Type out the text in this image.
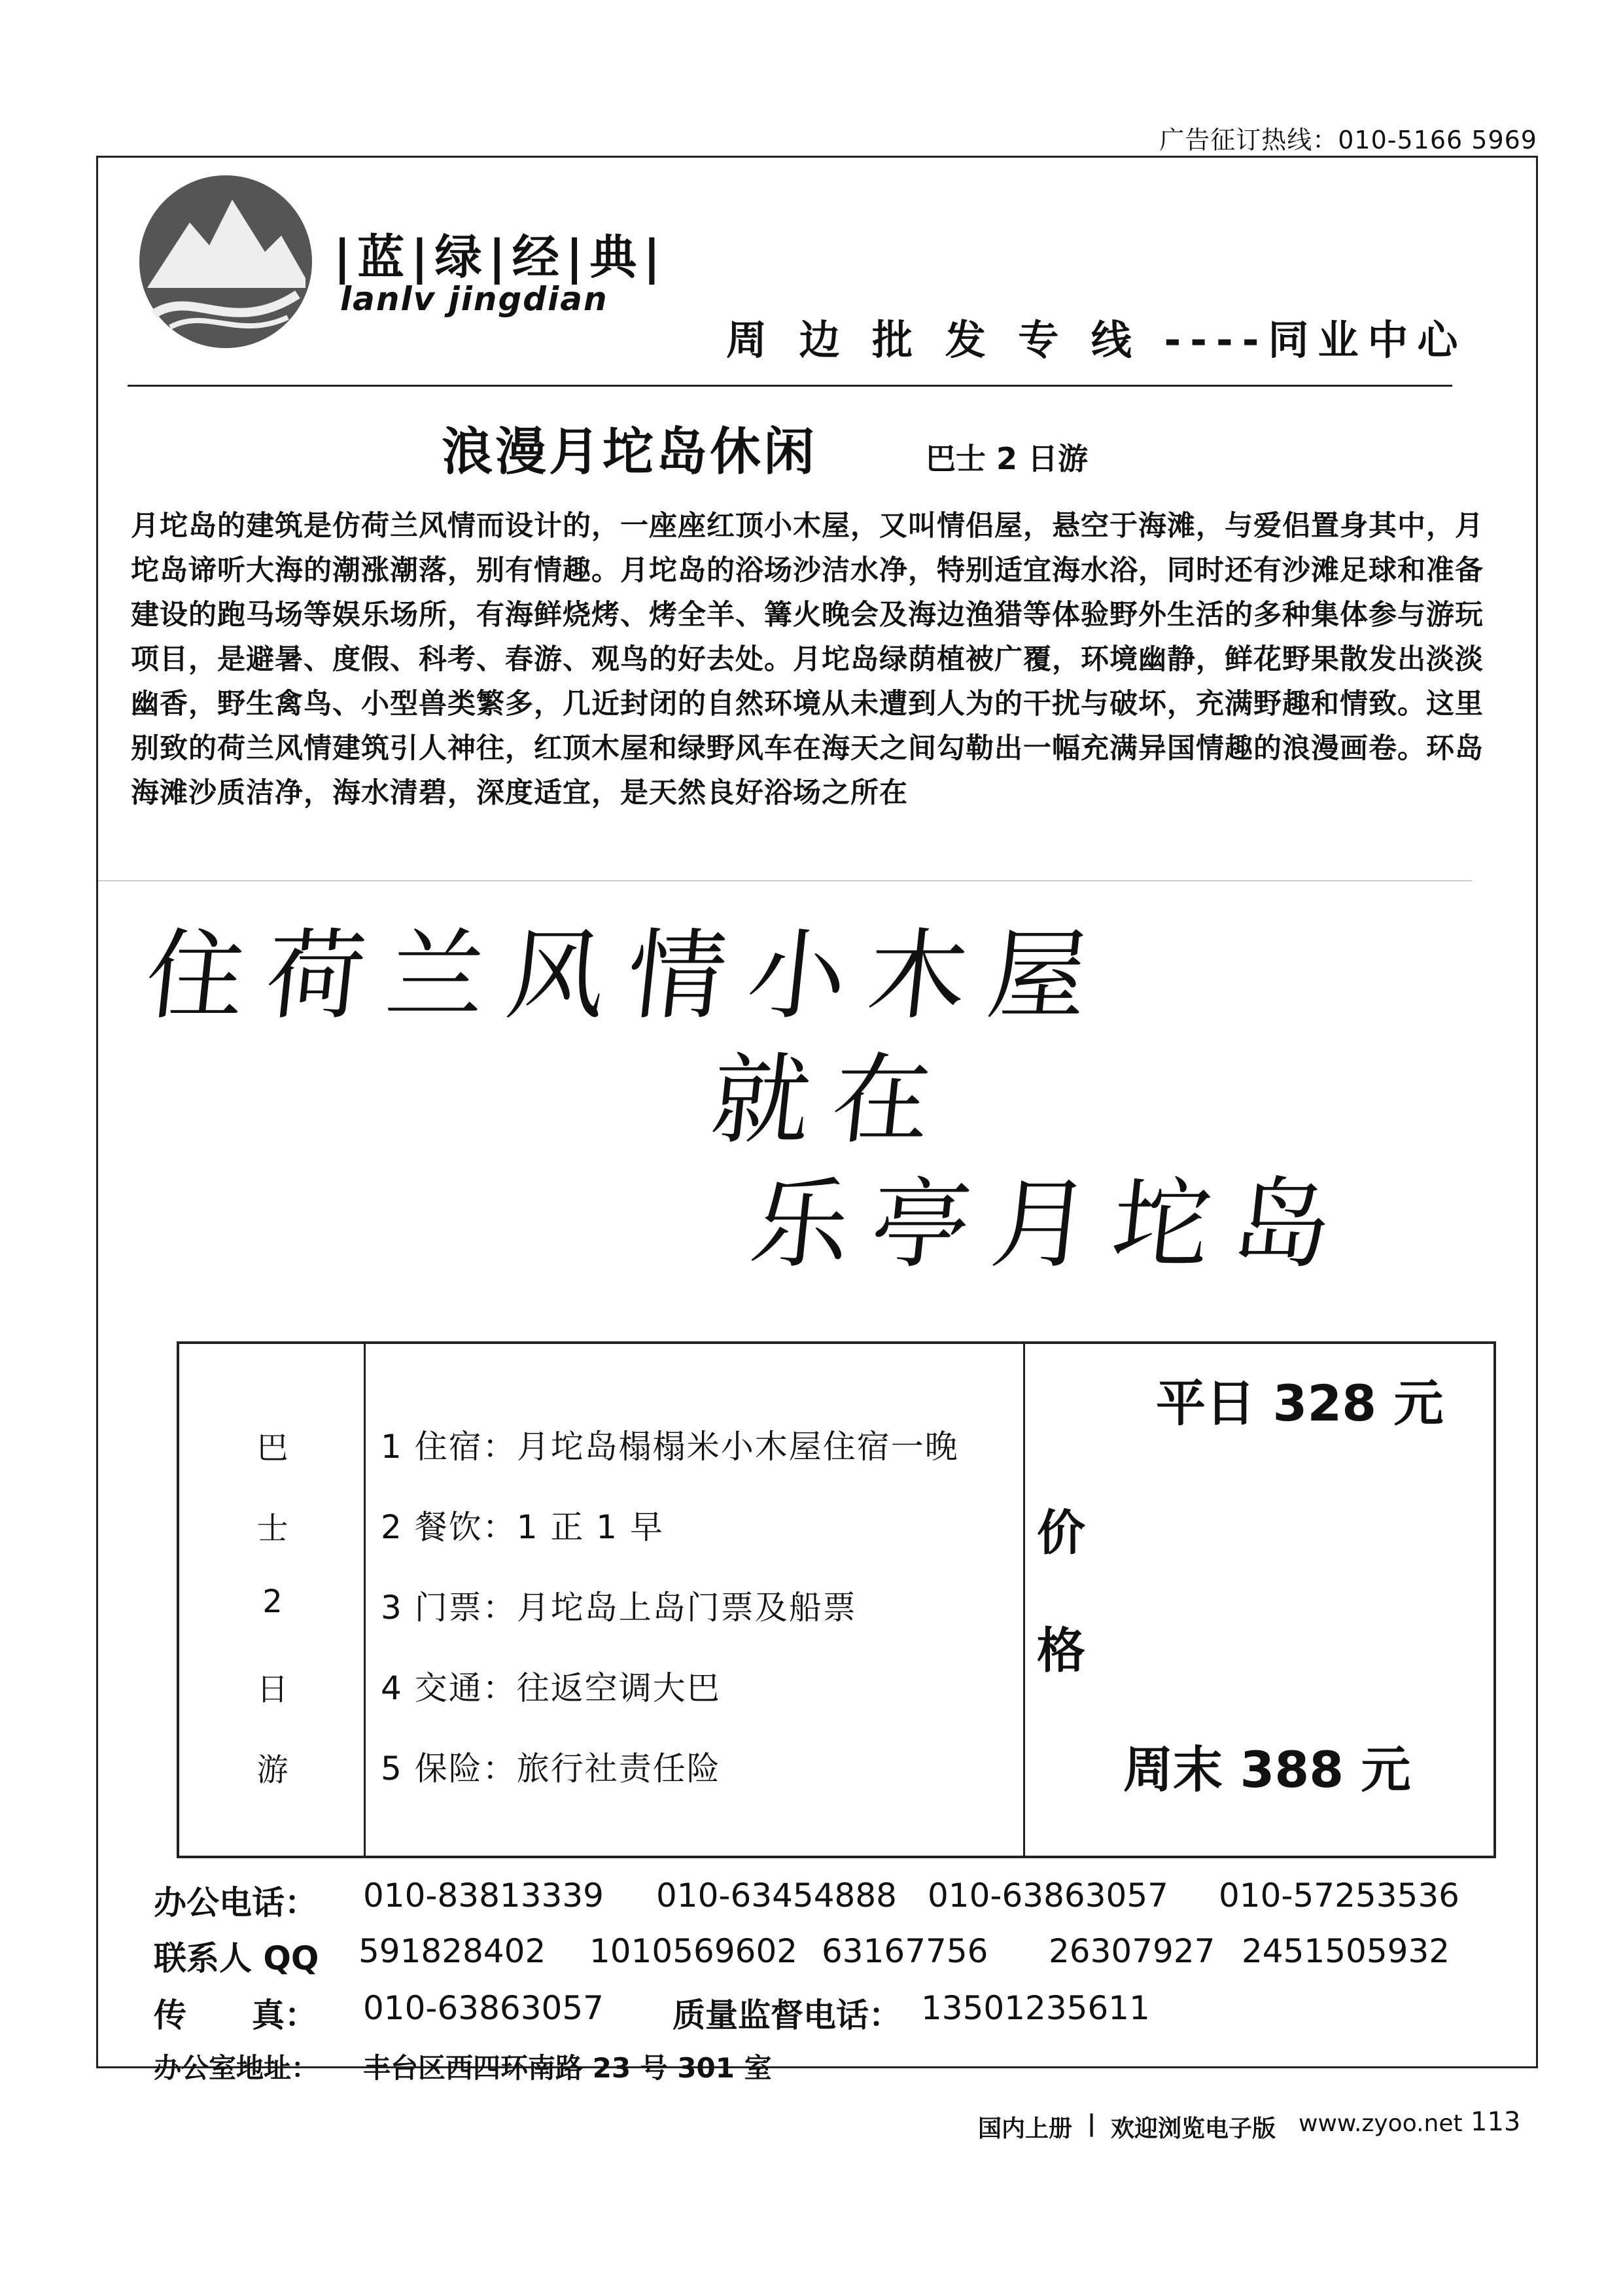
广告征订热线：010-5166 5969
|蓝|绿|经|典|
lanlv jingdian
周 边 批 发 专 线 ----同业中心
浪漫月坨岛休闲	巴士 2 日游
月坨岛的建筑是仿荷兰风情而设计的，一座座红顶小木屋，又叫情侣屋，悬空于海滩，与爱侣置身其中，月坨岛谛听大海的潮涨潮落，别有情趣。月坨岛的浴场沙洁水净，特别适宜海水浴，同时还有沙滩足球和准备建设的跑马场等娱乐场所，有海鲜烧烤、烤全羊、篝火晚会及海边渔猎等体验野外生活的多种集体参与游玩项目，是避暑、度假、科考、春游、观鸟的好去处。月坨岛绿荫植被广覆，环境幽静，鲜花野果散发出淡淡幽香，野生禽鸟、小型兽类繁多，几近封闭的自然环境从未遭到人为的干扰与破坏，充满野趣和情致。这里别致的荷兰风情建筑引人神往，红顶木屋和绿野风车在海天之间勾勒出一幅充满异国情趣的浪漫画卷。环岛海滩沙质洁净，海水清碧，深度适宜，是天然良好浴场之所在
住荷兰风情小木屋
就在
乐亭月坨岛
巴
士
2
日
游
1 住宿：月坨岛榻榻米小木屋住宿一晚
2 餐饮：1 正 1 早
3 门票：月坨岛上岛门票及船票
4 交通：往返空调大巴
5 保险：旅行社责任险
平日 328 元
价
格
周末 388 元
办公电话： 010-83813339 010-63454888 010-63863057 010-57253536
联系人 QQ 591828402 1010569602 63167756 26307927 2451505932
传　　真： 010-63863057 质量监督电话： 13501235611
办公室地址： 丰台区西四环南路 23 号 301 室
国内上册 | 欢迎浏览电子版 www.zyoo.net 113
